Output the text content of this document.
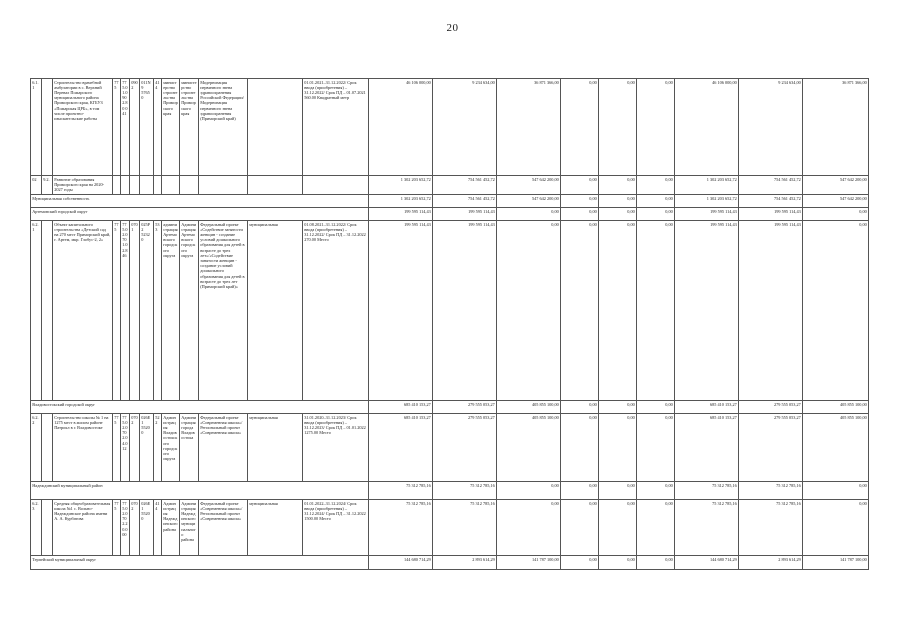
20
6.1.1		Строительство врачебной амбулатории в с. Верхний Перевал Пожарского муниципального района Приморского края, КГБУЗ «Пожарская ЦРБ», в том числе проектно-изыскательские работы	775	775.0 1.090 2.80 0 41	0902	011N9 57650	414	министерство строительства Приморского края	министерство строительства Приморского края	Модернизация первичного звена здравоохранения Российской Федерации/Модернизация первичного звена здравоохранения (Приморский край)		01.01.2021–31.12.2022/ Срок ввода (приобретения) – 31.12.2022/ Срок ПД – 01.07.2021 560.00 Квадратный метр	46 106 000,00	9 234 634,00	36 871 366,00	0,00	0,00	0,00	46 106 000,00	9 234 634,00	36 871 366,00
02	9.2.	Развитие образования Приморского края на 2020-2027 годы											1 302 203 652,72	754 561 452,72	547 642 200,00	0,00	0,00	0,00	1 302 203 652,72	754 561 452,72	547 642 200,00
Муниципальная собственность													1 302 203 652,72	754 561 452,72	547 642 200,00	0,00	0,00	0,00	1 302 203 652,72	754 561 452,72	547 642 200,00
Артемовский городской округ													199 595 114,43	199 595 114,43	0,00	0,00	0,00	0,00	199 595 114,43	199 595 114,43	0,00
6.2.1		Объект капитального строительства «Детский сад на 270 мест Приморский край, г. Артем, мкр. Глобус-2, 2»	775	775.0 2.070 1.02.8 46	0701	025P2 52320	533	администрация Артемовского городского округа	Администрация Артемовского городского округа	Федеральный проект «Содействие занятости женщин - создание условий дошкольного образования для детей в возрасте до трех лет»/«Содействие занятости женщин - создание условий дошкольного образования для детей в возрасте до трех лет (Приморский край)»	муниципальная	01.08.2021–31.12.2022/ Срок ввода (приобретения) – 31.12.2022/ Срок ПД – 31.12.2022 270.00 Место	199 595 114,43	199 595 114,43	0,00	0,00	0,00	0,00	199 595 114,43	199 595 114,43	0,00
Владивостокский городской округ													685 410 153,27	279 555 053,27	405 855 100,00	0,00	0,00	0,00	685 410 153,27	279 555 053,27	405 855 100,00
6.2.2		Строительство школы № 1 на 1275 мест в жилом районе Патрокл в г. Владивостоке	775	775.0 2.070 2.04.0 12	0702	026E1 55200	522	Администрация Владивостокского городского округа	Администрация города Владивостока	Федеральный проект «Современная школа»/Региональный проект «Современная школа»	муниципальная	31.01.2020–31.12.2023/ Срок ввода (приобретения) – 31.12.2023/ Срок ПД – 01.01.2022 1275.00 Место	685 410 153,27	279 555 053,27	405 855 100,00	0,00	0,00	0,00	685 410 153,27	279 555 053,27	405 855 100,00
Надеждинский муниципальный район													75 312 785,16	75 312 785,16	0,00	0,00	0,00	0,00	75 312 785,16	75 312 785,16	0,00
6.2.3		Средняя общеобразовательная школа №1 с. Вольно-Надеждинское района имени А. А. Курбатова	775	775.0 2.070 2.20.0 00	0702	026E1 55200	414	Администрация Надеждинского района	Администрация Надеждинского муниципального района	Федеральный проект «Современная школа»/Региональный проект «Современная школа»	муниципальная	01.01.2022–31.12.2024/ Срок ввода (приобретения) – 31.12.2024/ Срок ПД – 31.12.2022 1500.00 Место	75 312 785,16	75 312 785,16	0,00	0,00	0,00	0,00	75 312 785,16	75 312 785,16	0,00
Терпейский муниципальный округ													144 680 714,29	2 893 614,29	141 787 100,00	0,00	0,00	0,00	144 680 714,29	2 893 614,29	141 787 100,00
